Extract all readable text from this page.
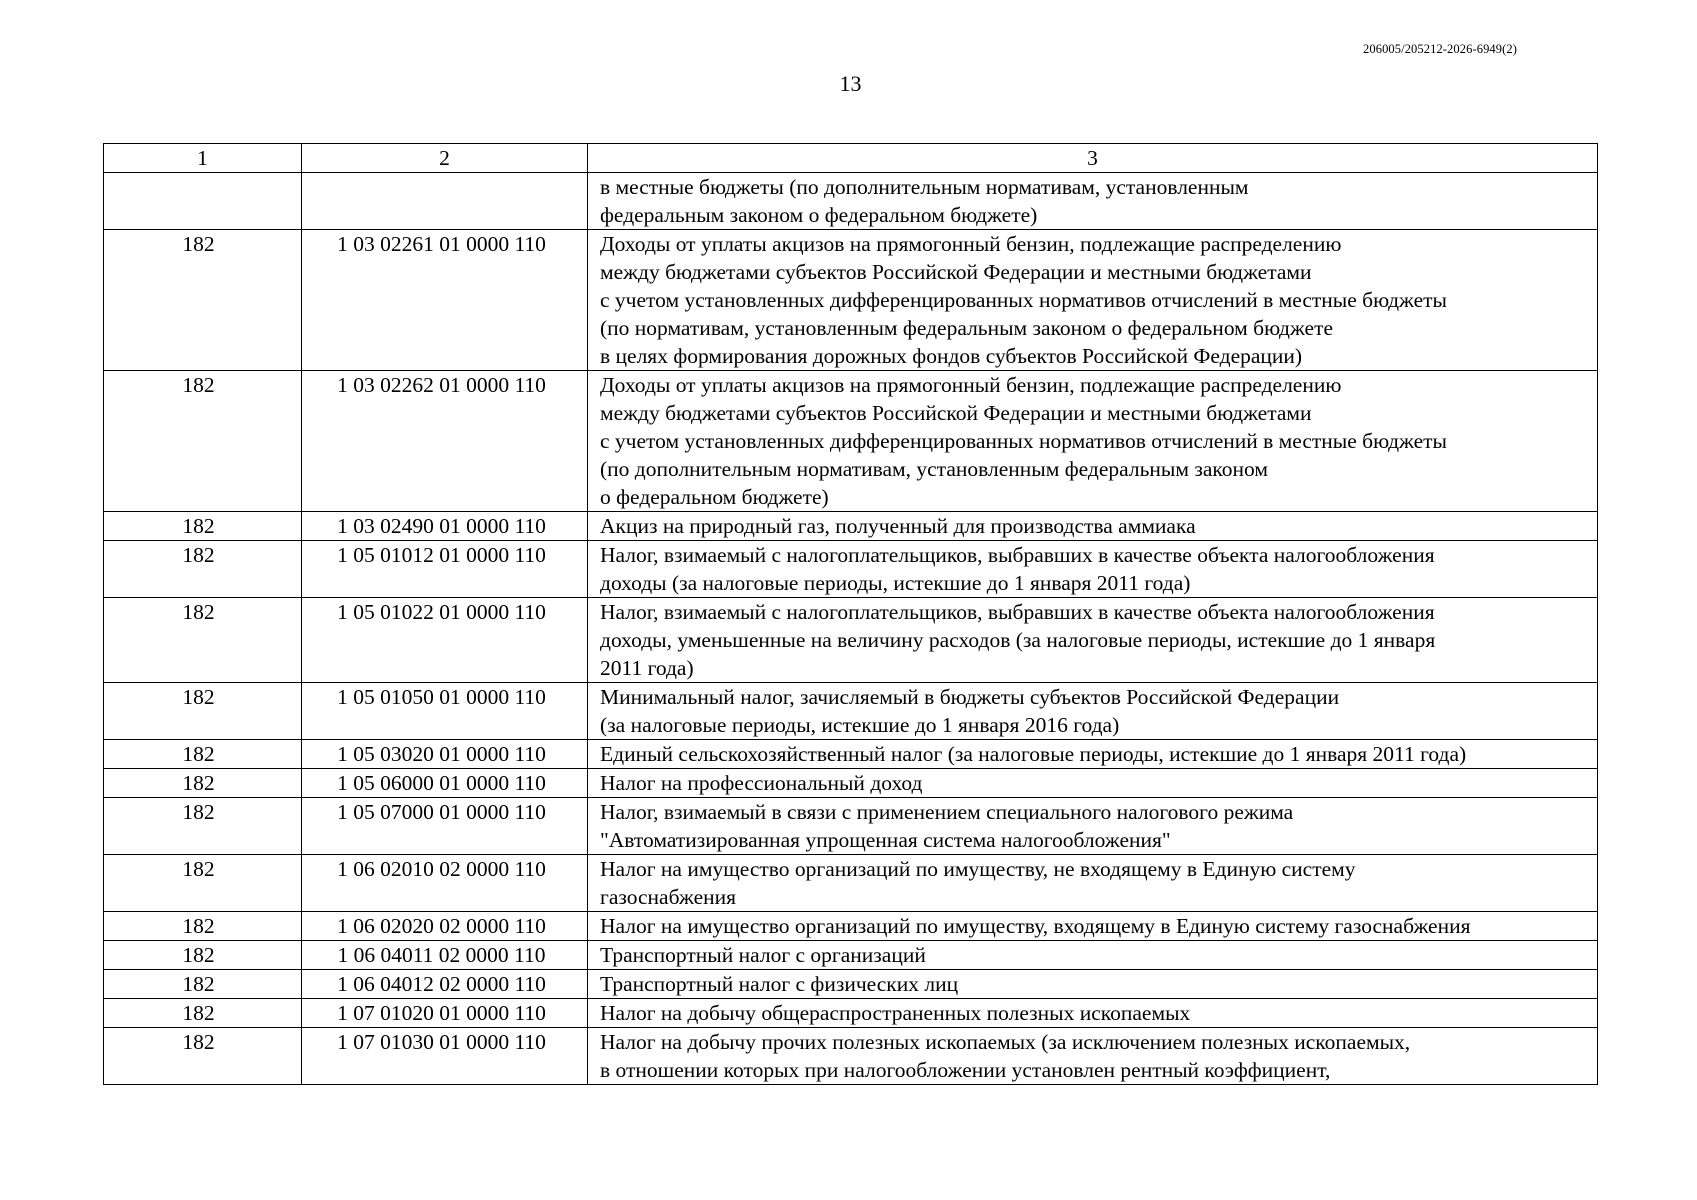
206005/205212-2026-6949(2)
13
1	2	3
		в местные бюджеты (по дополнительным нормативам, установленным
федеральным законом о федеральном бюджете)
182	1 03 02261 01 0000 110	Доходы от уплаты акцизов на прямогонный бензин, подлежащие распределению
между бюджетами субъектов Российской Федерации и местными бюджетами
с учетом установленных дифференцированных нормативов отчислений в местные бюджеты
(по нормативам, установленным федеральным законом о федеральном бюджете
в целях формирования дорожных фондов субъектов Российской Федерации)
182	1 03 02262 01 0000 110	Доходы от уплаты акцизов на прямогонный бензин, подлежащие распределению
между бюджетами субъектов Российской Федерации и местными бюджетами
с учетом установленных дифференцированных нормативов отчислений в местные бюджеты
(по дополнительным нормативам, установленным федеральным законом
о федеральном бюджете)
182	1 03 02490 01 0000 110	Акциз на природный газ, полученный для производства аммиака
182	1 05 01012 01 0000 110	Налог, взимаемый с налогоплательщиков, выбравших в качестве объекта налогообложения
доходы (за налоговые периоды, истекшие до 1 января 2011 года)
182	1 05 01022 01 0000 110	Налог, взимаемый с налогоплательщиков, выбравших в качестве объекта налогообложения
доходы, уменьшенные на величину расходов (за налоговые периоды, истекшие до 1 января
2011 года)
182	1 05 01050 01 0000 110	Минимальный налог, зачисляемый в бюджеты субъектов Российской Федерации
(за налоговые периоды, истекшие до 1 января 2016 года)
182	1 05 03020 01 0000 110	Единый сельскохозяйственный налог (за налоговые периоды, истекшие до 1 января 2011 года)
182	1 05 06000 01 0000 110	Налог на профессиональный доход
182	1 05 07000 01 0000 110	Налог, взимаемый в связи с применением специального налогового режима
"Автоматизированная упрощенная система налогообложения"
182	1 06 02010 02 0000 110	Налог на имущество организаций по имуществу, не входящему в Единую систему
газоснабжения
182	1 06 02020 02 0000 110	Налог на имущество организаций по имуществу, входящему в Единую систему газоснабжения
182	1 06 04011 02 0000 110	Транспортный налог с организаций
182	1 06 04012 02 0000 110	Транспортный налог с физических лиц
182	1 07 01020 01 0000 110	Налог на добычу общераспространенных полезных ископаемых
182	1 07 01030 01 0000 110	Налог на добычу прочих полезных ископаемых (за исключением полезных ископаемых,
в отношении которых при налогообложении установлен рентный коэффициент,
